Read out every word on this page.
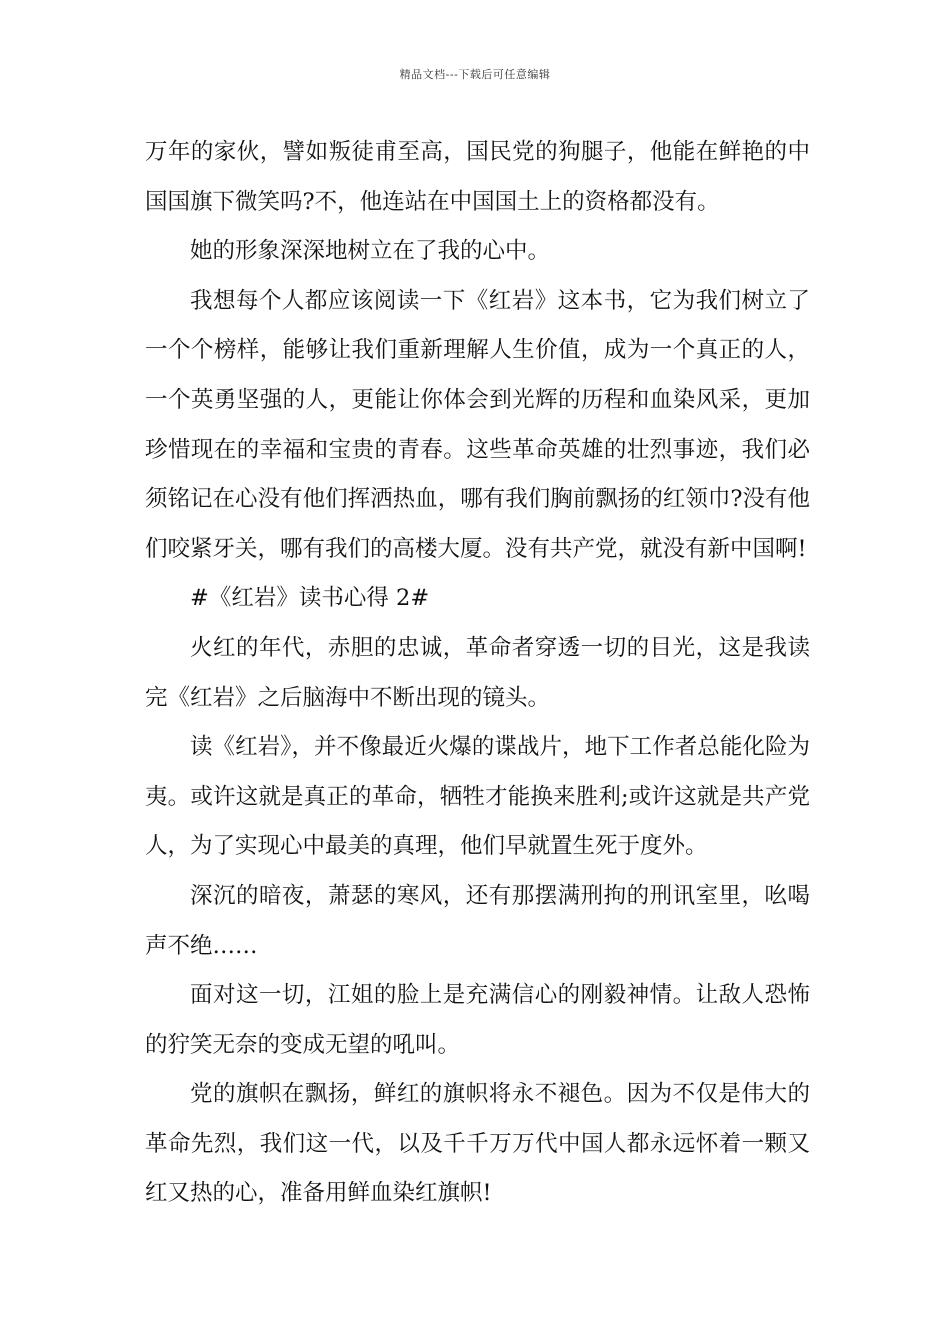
精品文档---下载后可任意编辑

万年的家伙，譬如叛徒甫至高，国民党的狗腿子，他能在鲜艳的中国国旗下微笑吗?不，他连站在中国国土上的资格都没有。

她的形象深深地树立在了我的心中。

我想每个人都应该阅读一下《红岩》这本书，它为我们树立了一个个榜样，能够让我们重新理解人生价值，成为一个真正的人，一个英勇坚强的人，更能让你体会到光辉的历程和血染风采，更加珍惜现在的幸福和宝贵的青春。这些革命英雄的壮烈事迹，我们必须铭记在心没有他们挥洒热血，哪有我们胸前飘扬的红领巾?没有他们咬紧牙关，哪有我们的高楼大厦。没有共产党，就没有新中国啊!

#《红岩》读书心得 2#

火红的年代，赤胆的忠诚，革命者穿透一切的目光，这是我读完《红岩》之后脑海中不断出现的镜头。

读《红岩》，并不像最近火爆的谍战片，地下工作者总能化险为夷。或许这就是真正的革命，牺牲才能换来胜利;或许这就是共产党人，为了实现心中最美的真理，他们早就置生死于度外。

深沉的暗夜，萧瑟的寒风，还有那摆满刑拘的刑讯室里，吆喝声不绝……

面对这一切，江姐的脸上是充满信心的刚毅神情。让敌人恐怖的狞笑无奈的变成无望的吼叫。

党的旗帜在飘扬，鲜红的旗帜将永不褪色。因为不仅是伟大的革命先烈，我们这一代，以及千千万万代中国人都永远怀着一颗又红又热的心，准备用鲜血染红旗帜!
